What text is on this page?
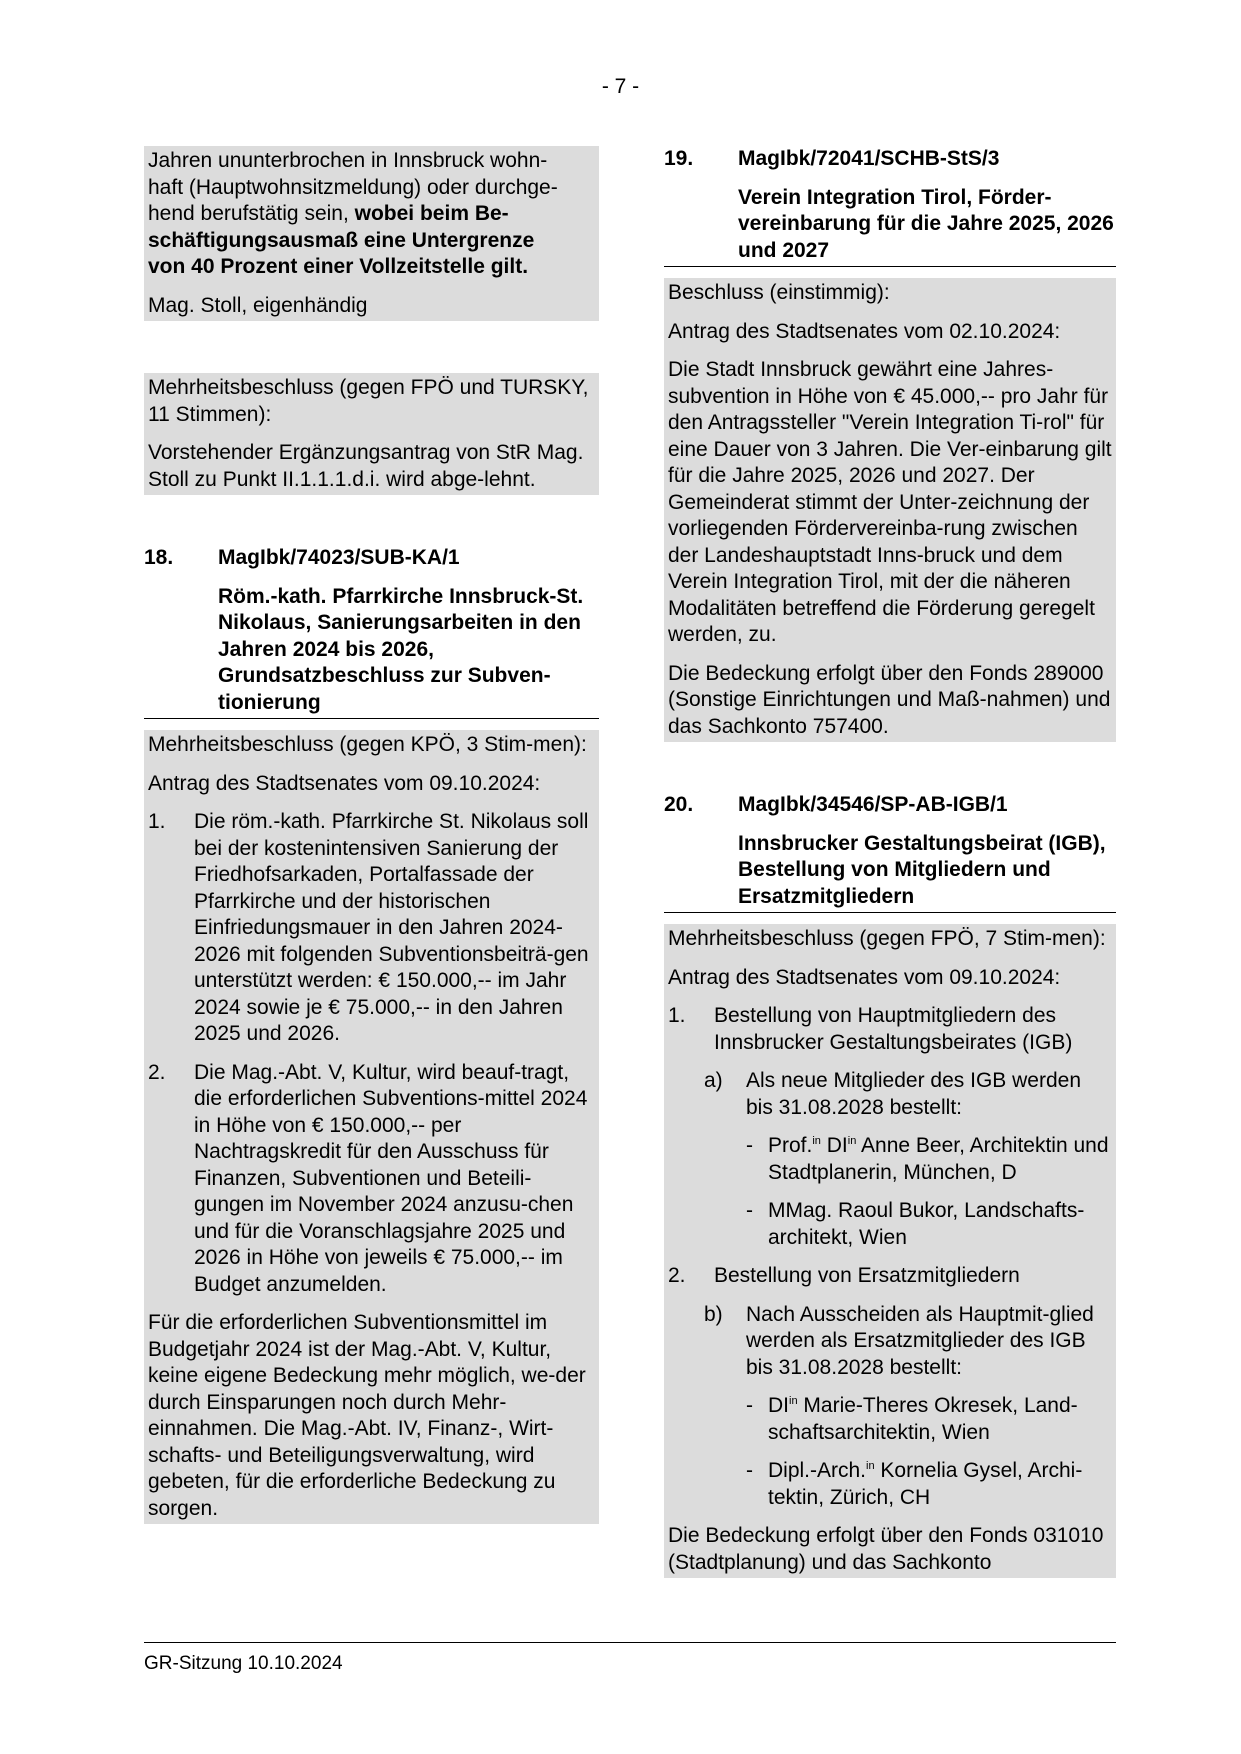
- 7 -

Jahren ununterbrochen in Innsbruck wohn-
haft (Hauptwohnsitzmeldung) oder durchge-
hend berufstätig sein, wobei beim Be-
schäftigungsausmaß eine Untergrenze
von 40 Prozent einer Vollzeitstelle gilt.

Mag. Stoll, eigenhändig

Mehrheitsbeschluss (gegen FPÖ und TURSKY, 11 Stimmen):

Vorstehender Ergänzungsantrag von StR Mag. Stoll zu Punkt II.1.1.1.d.i. wird abge-lehnt.

18.	MagIbk/74023/SUB-KA/1
Röm.-kath. Pfarrkirche Innsbruck-St. Nikolaus, Sanierungsarbeiten in den Jahren 2024 bis 2026, Grundsatzbeschluss zur Subven-tionierung

Mehrheitsbeschluss (gegen KPÖ, 3 Stim-men):

Antrag des Stadtsenates vom 09.10.2024:

1.	Die röm.-kath. Pfarrkirche St. Nikolaus soll bei der kostenintensiven Sanierung der Friedhofsarkaden, Portalfassade der Pfarrkirche und der historischen Einfriedungsmauer in den Jahren 2024-2026 mit folgenden Subventionsbeiträ-gen unterstützt werden: € 150.000,-- im Jahr 2024 sowie je € 75.000,-- in den Jahren 2025 und 2026.
2.	Die Mag.-Abt. V, Kultur, wird beauf-tragt, die erforderlichen Subventions-mittel 2024 in Höhe von € 150.000,-- per Nachtragskredit für den Ausschuss für Finanzen, Subventionen und Beteili-gungen im November 2024 anzusu-chen und für die Voranschlagsjahre 2025 und 2026 in Höhe von jeweils € 75.000,-- im Budget anzumelden.

Für die erforderlichen Subventionsmittel im Budgetjahr 2024 ist der Mag.-Abt. V, Kultur, keine eigene Bedeckung mehr möglich, we-der durch Einsparungen noch durch Mehr-einnahmen. Die Mag.-Abt. IV, Finanz-, Wirt-schafts- und Beteiligungsverwaltung, wird gebeten, für die erforderliche Bedeckung zu sorgen.

19.	MagIbk/72041/SCHB-StS/3
Verein Integration Tirol, Förder-vereinbarung für die Jahre 2025, 2026 und 2027

Beschluss (einstimmig):

Antrag des Stadtsenates vom 02.10.2024:

Die Stadt Innsbruck gewährt eine Jahres-subvention in Höhe von € 45.000,-- pro Jahr für den Antragssteller "Verein Integration Ti-rol" für eine Dauer von 3 Jahren. Die Ver-einbarung gilt für die Jahre 2025, 2026 und 2027. Der Gemeinderat stimmt der Unter-zeichnung der vorliegenden Fördervereinba-rung zwischen der Landeshauptstadt Inns-bruck und dem Verein Integration Tirol, mit der die näheren Modalitäten betreffend die Förderung geregelt werden, zu.

Die Bedeckung erfolgt über den Fonds 289000 (Sonstige Einrichtungen und Maß-nahmen) und das Sachkonto 757400.

20.	MagIbk/34546/SP-AB-IGB/1
Innsbrucker Gestaltungsbeirat (IGB), Bestellung von Mitgliedern und Ersatzmitgliedern

Mehrheitsbeschluss (gegen FPÖ, 7 Stim-men):

Antrag des Stadtsenates vom 09.10.2024:

1.	Bestellung von Hauptmitgliedern des Innsbrucker Gestaltungsbeirates (IGB)
a)	Als neue Mitglieder des IGB werden bis 31.08.2028 bestellt:
- Prof.$^{in}$ $DI^{in}$ Anne Beer, Architektin und Stadtplanerin, München, D
- MMag. Raoul Bukor, Landschafts-architekt, Wien
2.	Bestellung von Ersatzmitgliedern
b)	Nach Ausscheiden als Hauptmit-glied werden als Ersatzmitglieder des IGB bis 31.08.2028 bestellt:
- $DI^{in}$ Marie-Theres Okresek, Land-schaftsarchitektin, Wien
- Dipl.-Arch.$^{in}$ Kornelia Gysel, Archi-tektin, Zürich, CH

Die Bedeckung erfolgt über den Fonds 031010 (Stadtplanung) und das Sachkonto

GR-Sitzung 10.10.2024
